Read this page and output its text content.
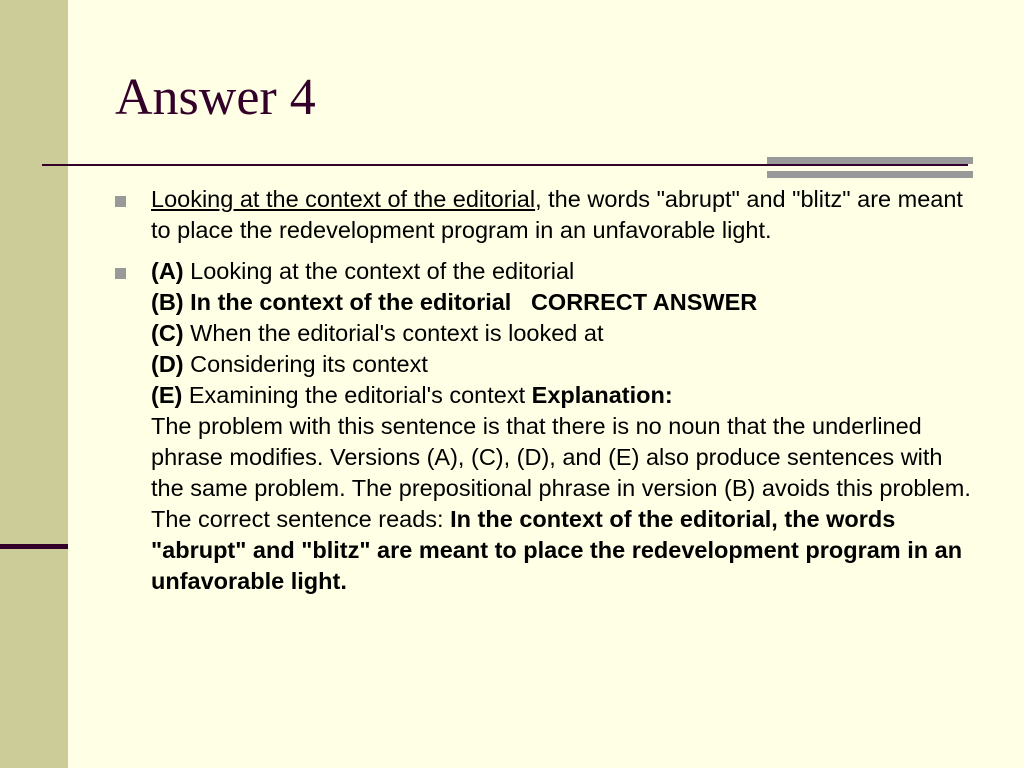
Answer 4
Looking at the context of the editorial, the words "abrupt" and "blitz" are meant to place the redevelopment program in an unfavorable light.
(A) Looking at the context of the editorial
(B) In the context of the editorial CORRECT ANSWER
(C) When the editorial's context is looked at
(D) Considering its context
(E) Examining the editorial's context Explanation:
The problem with this sentence is that there is no noun that the underlined phrase modifies. Versions (A), (C), (D), and (E) also produce sentences with the same problem. The prepositional phrase in version (B) avoids this problem. The correct sentence reads: In the context of the editorial, the words "abrupt" and "blitz" are meant to place the redevelopment program in an unfavorable light.
